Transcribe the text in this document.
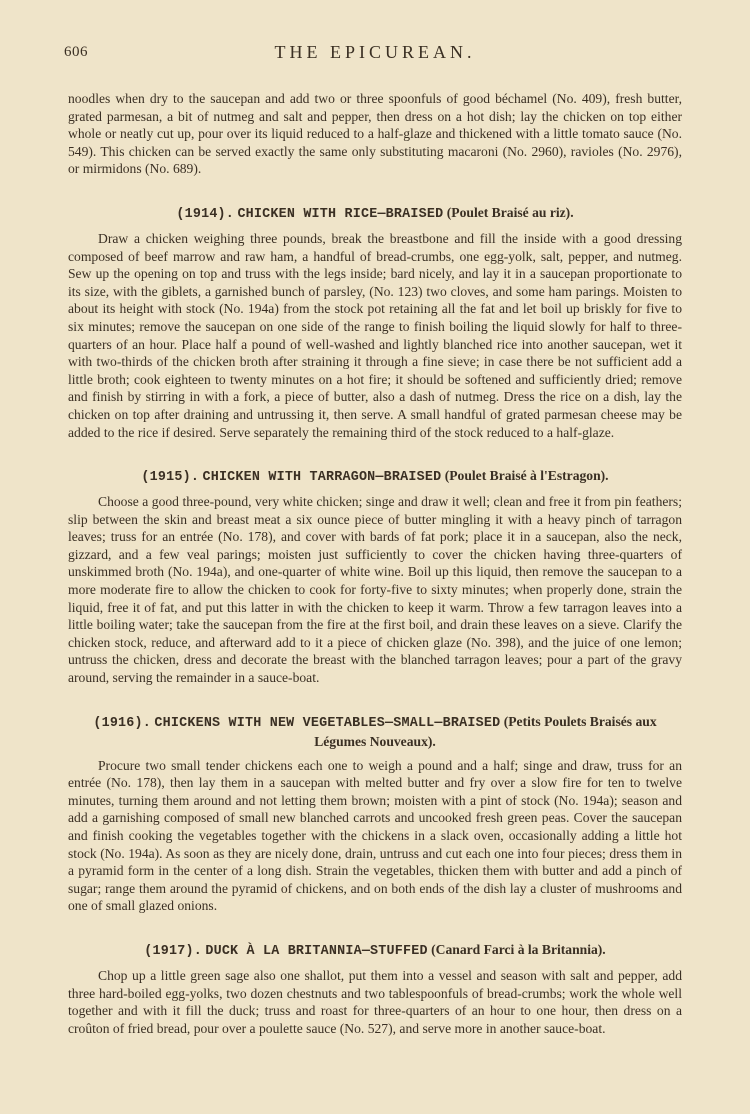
606	THE EPICUREAN.

noodles when dry to the saucepan and add two or three spoonfuls of good béchamel (No. 409), fresh butter, grated parmesan, a bit of nutmeg and salt and pepper, then dress on a hot dish; lay the chicken on top either whole or neatly cut up, pour over its liquid reduced to a half-glaze and thickened with a little tomato sauce (No. 549). This chicken can be served exactly the same only substituting macaroni (No. 2960), ravioles (No. 2976), or mirmidons (No. 689).

(1914). CHICKEN WITH RICE—BRAISED (Poulet Braisé au riz).

Draw a chicken weighing three pounds, break the breastbone and fill the inside with a good dressing composed of beef marrow and raw ham, a handful of bread-crumbs, one egg-yolk, salt, pepper, and nutmeg. Sew up the opening on top and truss with the legs inside; bard nicely, and lay it in a saucepan proportionate to its size, with the giblets, a garnished bunch of parsley, (No. 123) two cloves, and some ham parings. Moisten to about its height with stock (No. 194a) from the stock pot retaining all the fat and let boil up briskly for five to six minutes; remove the saucepan on one side of the range to finish boiling the liquid slowly for half to three-quarters of an hour. Place half a pound of well-washed and lightly blanched rice into another saucepan, wet it with two-thirds of the chicken broth after straining it through a fine sieve; in case there be not sufficient add a little broth; cook eighteen to twenty minutes on a hot fire; it should be softened and sufficiently dried; remove and finish by stirring in with a fork, a piece of butter, also a dash of nutmeg. Dress the rice on a dish, lay the chicken on top after draining and untrussing it, then serve. A small handful of grated parmesan cheese may be added to the rice if desired. Serve separately the remaining third of the stock reduced to a half-glaze.

(1915). CHICKEN WITH TARRAGON—BRAISED (Poulet Braisé à l'Estragon).

Choose a good three-pound, very white chicken; singe and draw it well; clean and free it from pin feathers; slip between the skin and breast meat a six ounce piece of butter mingling it with a heavy pinch of tarragon leaves; truss for an entrée (No. 178), and cover with bards of fat pork; place it in a saucepan, also the neck, gizzard, and a few veal parings; moisten just sufficiently to cover the chicken having three-quarters of unskimmed broth (No. 194a), and one-quarter of white wine. Boil up this liquid, then remove the saucepan to a more moderate fire to allow the chicken to cook for forty-five to sixty minutes; when properly done, strain the liquid, free it of fat, and put this latter in with the chicken to keep it warm. Throw a few tarragon leaves into a little boiling water; take the saucepan from the fire at the first boil, and drain these leaves on a sieve. Clarify the chicken stock, reduce, and afterward add to it a piece of chicken glaze (No. 398), and the juice of one lemon; untruss the chicken, dress and decorate the breast with the blanched tarragon leaves; pour a part of the gravy around, serving the remainder in a sauce-boat.

(1916). CHICKENS WITH NEW VEGETABLES—SMALL—BRAISED (Petits Poulets Braisés aux Légumes Nouveaux).

Procure two small tender chickens each one to weigh a pound and a half; singe and draw, truss for an entrée (No. 178), then lay them in a saucepan with melted butter and fry over a slow fire for ten to twelve minutes, turning them around and not letting them brown; moisten with a pint of stock (No. 194a); season and add a garnishing composed of small new blanched carrots and uncooked fresh green peas. Cover the saucepan and finish cooking the vegetables together with the chickens in a slack oven, occasionally adding a little hot stock (No. 194a). As soon as they are nicely done, drain, untruss and cut each one into four pieces; dress them in a pyramid form in the center of a long dish. Strain the vegetables, thicken them with butter and add a pinch of sugar; range them around the pyramid of chickens, and on both ends of the dish lay a cluster of mushrooms and one of small glazed onions.

(1917). DUCK À LA BRITANNIA—STUFFED (Canard Farci à la Britannia).

Chop up a little green sage also one shallot, put them into a vessel and season with salt and pepper, add three hard-boiled egg-yolks, two dozen chestnuts and two tablespoonfuls of bread-crumbs; work the whole well together and with it fill the duck; truss and roast for three-quarters of an hour to one hour, then dress on a croûton of fried bread, pour over a poulette sauce (No. 527), and serve more in another sauce-boat.
